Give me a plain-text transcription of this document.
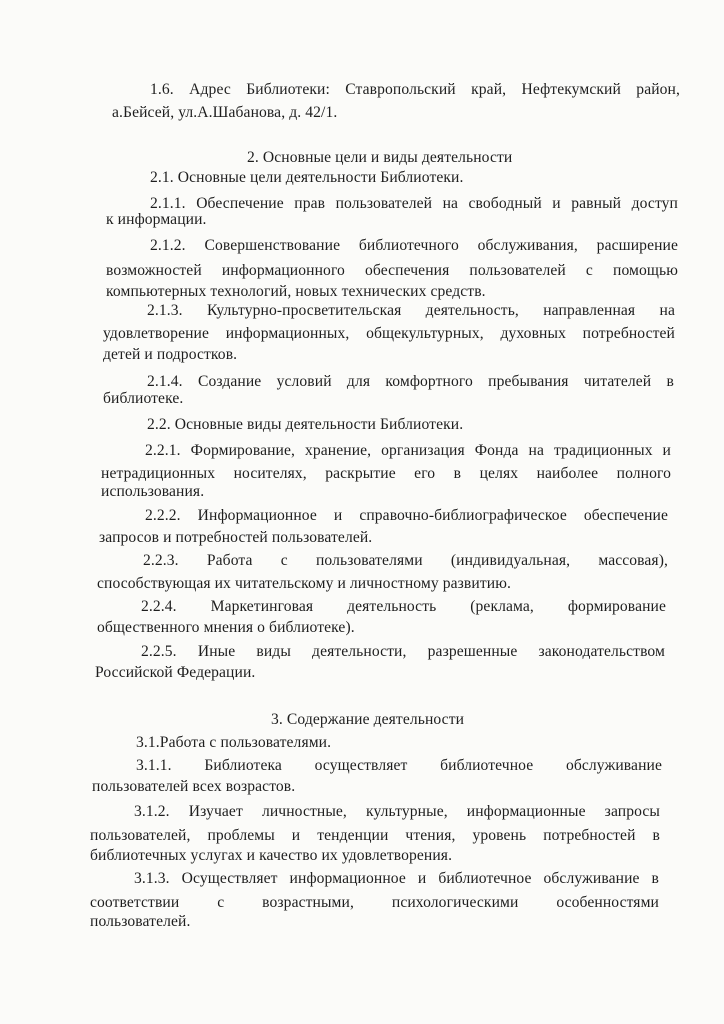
1.6. Адрес Библиотеки: Ставропольский край, Нефтекумский район,
а.Бейсей, ул.А.Шабанова, д. 42/1.
2. Основные цели и виды деятельности
2.1. Основные цели деятельности Библиотеки.
2.1.1. Обеспечение прав пользователей на свободный и равный доступ
к информации.
2.1.2. Совершенствование библиотечного обслуживания, расширение
возможностей информационного обеспечения пользователей с помощью
компьютерных технологий, новых технических средств.
2.1.3. Культурно-просветительская деятельность, направленная на
удовлетворение информационных, общекультурных, духовных потребностей
детей и подростков.
2.1.4. Создание условий для комфортного пребывания читателей в
библиотеке.
2.2. Основные виды деятельности Библиотеки.
2.2.1. Формирование, хранение, организация Фонда на традиционных и
нетрадиционных носителях, раскрытие его в целях наиболее полного
использования.
2.2.2. Информационное и справочно-библиографическое обеспечение
запросов и потребностей пользователей.
2.2.3. Работа с пользователями (индивидуальная, массовая),
способствующая их читательскому и личностному развитию.
2.2.4. Маркетинговая деятельность (реклама, формирование
общественного мнения о библиотеке).
2.2.5. Иные виды деятельности, разрешенные законодательством
Российской Федерации.
3. Содержание деятельности
3.1.Работа с пользователями.
3.1.1. Библиотека осуществляет библиотечное обслуживание
пользователей всех возрастов.
3.1.2. Изучает личностные, культурные, информационные запросы
пользователей, проблемы и тенденции чтения, уровень потребностей в
библиотечных услугах и качество их удовлетворения.
3.1.3. Осуществляет информационное и библиотечное обслуживание в
соответствии с возрастными, психологическими особенностями
пользователей.
